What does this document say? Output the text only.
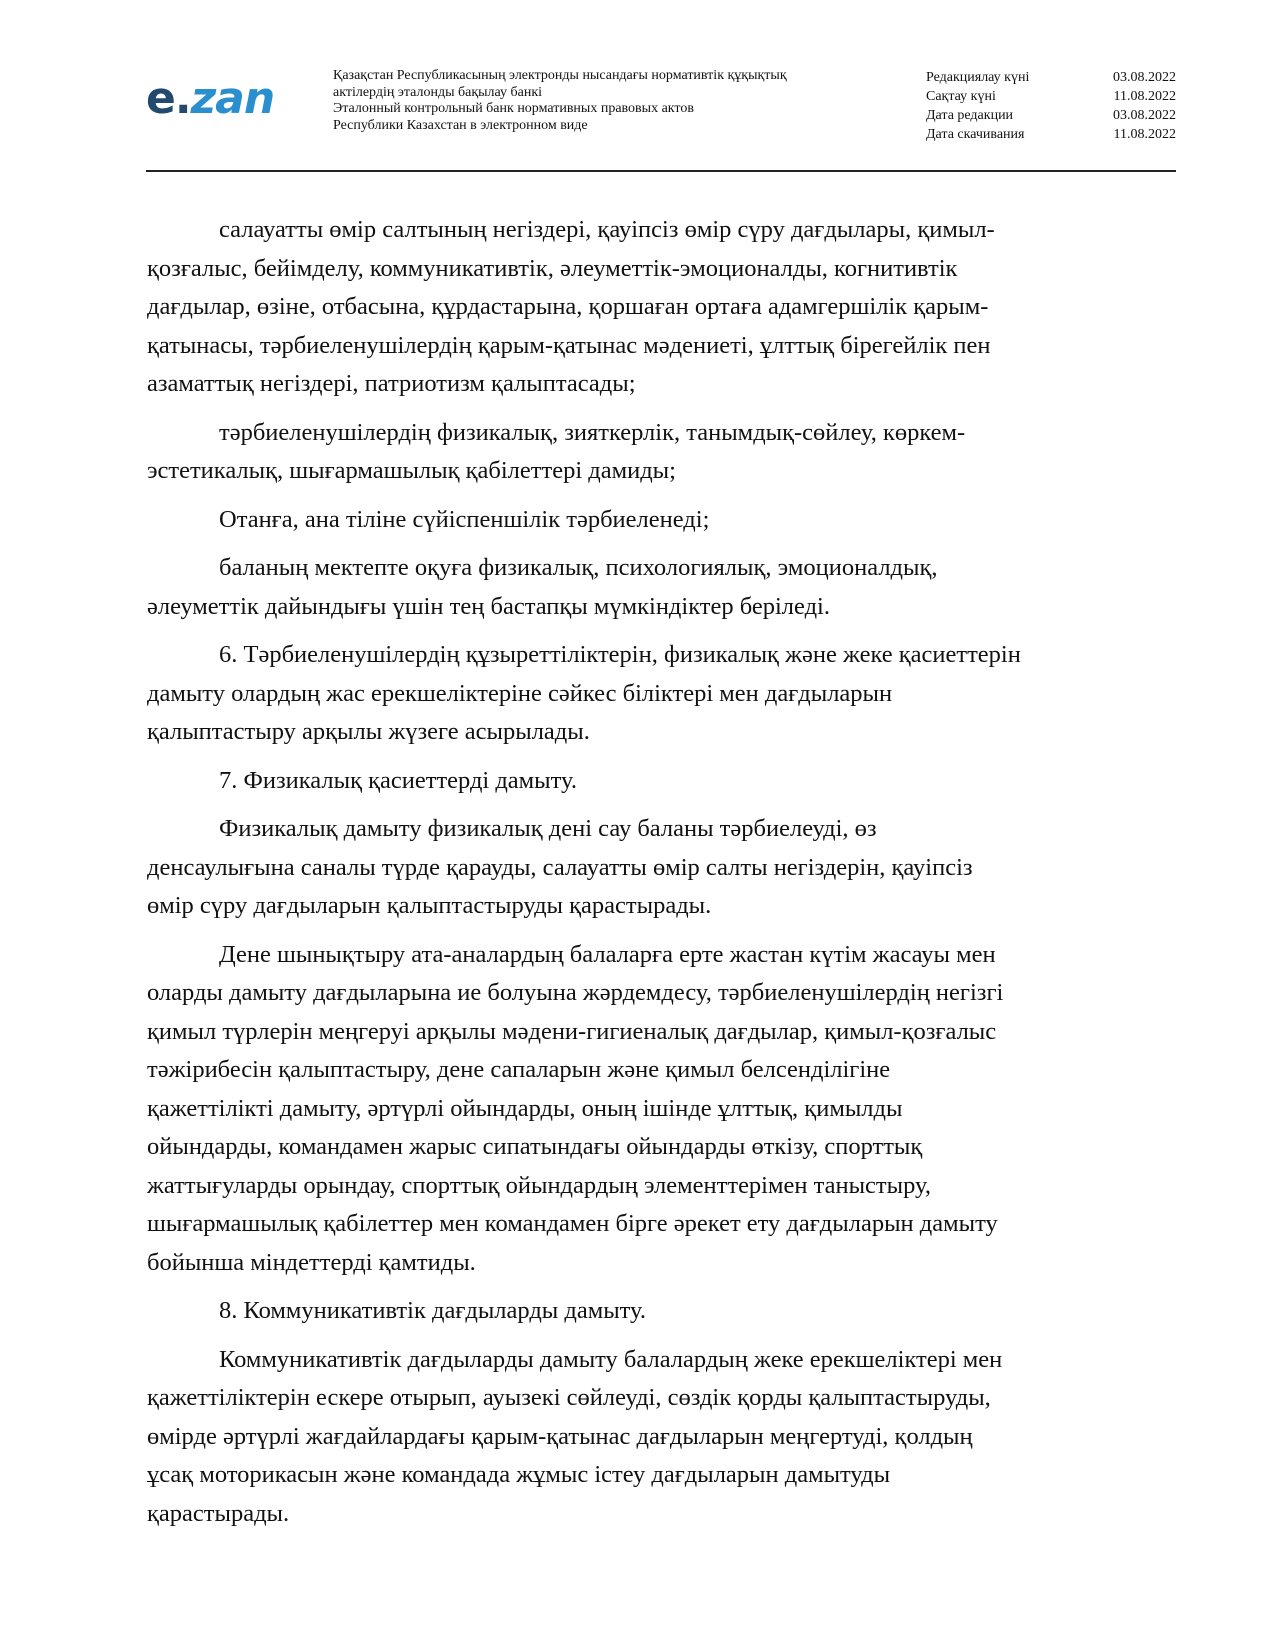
e.zan	Қазақстан Республикасының электронды нысандағы нормативтік құқықтық
актілердің эталонды бақылау банкі
Эталонный контрольный банк нормативных правовых актов
Республики Казахстан в электронном виде
Редакциялау күні	03.08.2022
Сақтау күні	11.08.2022
Дата редакции	03.08.2022
Дата скачивания	11.08.2022

салауатты өмір салтының негіздері, қауіпсіз өмір сүру дағдылары, қимыл-
қозғалыс, бейімделу, коммуникативтік, әлеуметтік-эмоционалды, когнитивтік
дағдылар, өзіне, отбасына, құрдастарына, қоршаған ортаға адамгершілік қарым-
қатынасы, тәрбиеленушілердің қарым-қатынас мәдениеті, ұлттық бірегейлік пен
азаматтық негіздері, патриотизм қалыптасады;

тәрбиеленушілердің физикалық, зияткерлік, танымдық-сөйлеу, көркем-
эстетикалық, шығармашылық қабілеттері дамиды;

Отанға, ана тіліне сүйіспеншілік тәрбиеленеді;

баланың мектепте оқуға физикалық, психологиялық, эмоционалдық,
әлеуметтік дайындығы үшін тең бастапқы мүмкіндіктер беріледі.

6. Тәрбиеленушілердің құзыреттіліктерін, физикалық және жеке қасиеттерін
дамыту олардың жас ерекшеліктеріне сәйкес біліктері мен дағдыларын
қалыптастыру арқылы жүзеге асырылады.

7. Физикалық қасиеттерді дамыту.

Физикалық дамыту физикалық дені сау баланы тәрбиелеуді, өз
денсаулығына саналы түрде қарауды, салауатты өмір салты негіздерін, қауіпсіз
өмір сүру дағдыларын қалыптастыруды қарастырады.

Дене шынықтыру ата-аналардың балаларға ерте жастан күтім жасауы мен
оларды дамыту дағдыларына ие болуына жәрдемдесу, тәрбиеленушілердің негізгі
қимыл түрлерін меңгеруі арқылы мәдени-гигиеналық дағдылар, қимыл-қозғалыс
тәжірибесін қалыптастыру, дене сапаларын және қимыл белсенділігіне
қажеттілікті дамыту, әртүрлі ойындарды, оның ішінде ұлттық, қимылды
ойындарды, командамен жарыс сипатындағы ойындарды өткізу, спорттық
жаттығуларды орындау, спорттық ойындардың элементтерімен таныстыру,
шығармашылық қабілеттер мен командамен бірге әрекет ету дағдыларын дамыту
бойынша міндеттерді қамтиды.

8. Коммуникативтік дағдыларды дамыту.

Коммуникативтік дағдыларды дамыту балалардың жеке ерекшеліктері мен
қажеттіліктерін ескере отырып, ауызекі сөйлеуді, сөздік қорды қалыптастыруды,
өмірде әртүрлі жағдайлардағы қарым-қатынас дағдыларын меңгертуді, қолдың
ұсақ моторикасын және командада жұмыс істеу дағдыларын дамытуды
қарастырады.
